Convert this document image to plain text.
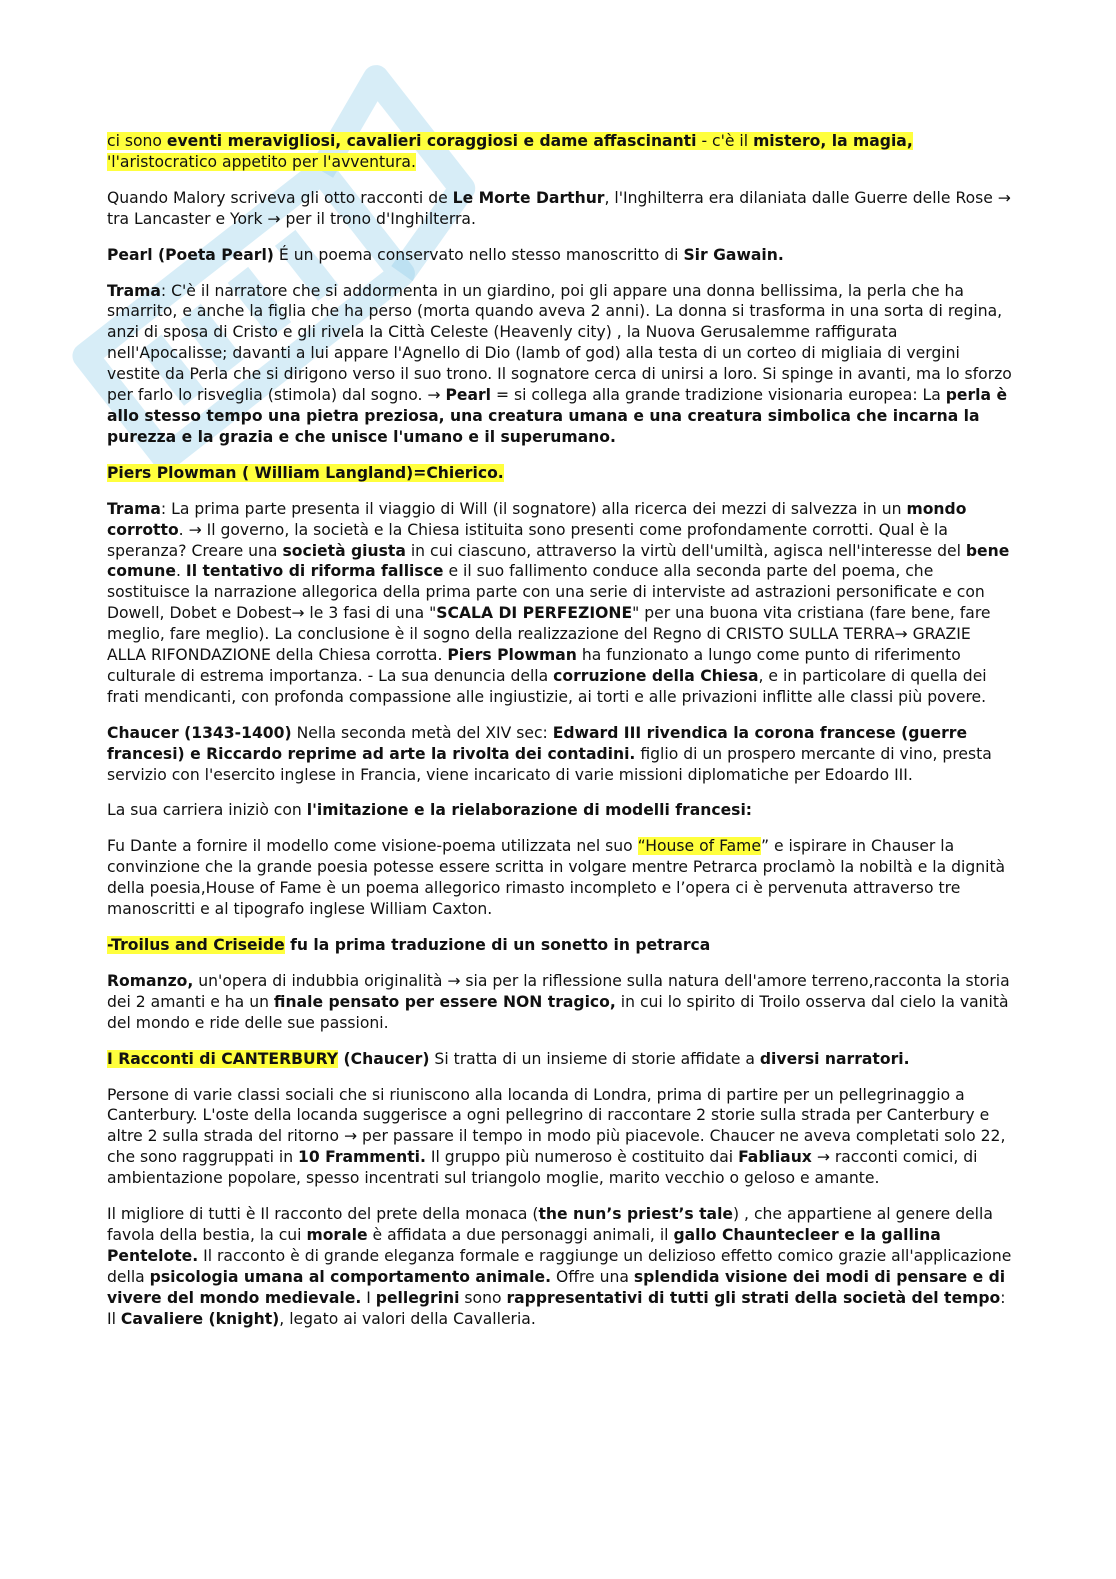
ci sono eventi meravigliosi, cavalieri coraggiosi e dame affascinanti - c'è il mistero, la magia, 'l'aristocratico appetito per l'avventura.

Quando Malory scriveva gli otto racconti de Le Morte Darthur, l'Inghilterra era dilaniata dalle Guerre delle Rose → tra Lancaster e York → per il trono d'Inghilterra.

Pearl (Poeta Pearl) É un poema conservato nello stesso manoscritto di Sir Gawain.

Trama: C'è il narratore che si addormenta in un giardino, poi gli appare una donna bellissima, la perla che ha smarrito, e anche la figlia che ha perso (morta quando aveva 2 anni). La donna si trasforma in una sorta di regina, anzi di sposa di Cristo e gli rivela la Città Celeste (Heavenly city) , la Nuova Gerusalemme raffigurata nell'Apocalisse; davanti a lui appare l'Agnello di Dio (lamb of god) alla testa di un corteo di migliaia di vergini vestite da Perla che si dirigono verso il suo trono. Il sognatore cerca di unirsi a loro. Si spinge in avanti, ma lo sforzo per farlo lo risveglia (stimola) dal sogno. → Pearl = si collega alla grande tradizione visionaria europea: La perla è allo stesso tempo una pietra preziosa, una creatura umana e una creatura simbolica che incarna la purezza e la grazia e che unisce l'umano e il superumano.

Piers Plowman ( William Langland)=Chierico.

Trama: La prima parte presenta il viaggio di Will (il sognatore) alla ricerca dei mezzi di salvezza in un mondo corrotto. → Il governo, la società e la Chiesa istituita sono presenti come profondamente corrotti. Qual è la speranza? Creare una società giusta in cui ciascuno, attraverso la virtù dell'umiltà, agisca nell'interesse del bene comune. Il tentativo di riforma fallisce e il suo fallimento conduce alla seconda parte del poema, che sostituisce la narrazione allegorica della prima parte con una serie di interviste ad astrazioni personificate e con Dowell, Dobet e Dobest→ le 3 fasi di una "SCALA DI PERFEZIONE" per una buona vita cristiana (fare bene, fare meglio, fare meglio). La conclusione è il sogno della realizzazione del Regno di CRISTO SULLA TERRA→ GRAZIE ALLA RIFONDAZIONE della Chiesa corrotta. Piers Plowman ha funzionato a lungo come punto di riferimento culturale di estrema importanza. - La sua denuncia della corruzione della Chiesa, e in particolare di quella dei frati mendicanti, con profonda compassione alle ingiustizie, ai torti e alle privazioni inflitte alle classi più povere.

Chaucer (1343-1400) Nella seconda metà del XIV sec: Edward III rivendica la corona francese (guerre francesi) e Riccardo reprime ad arte la rivolta dei contadini. figlio di un prospero mercante di vino, presta servizio con l'esercito inglese in Francia, viene incaricato di varie missioni diplomatiche per Edoardo III.

La sua carriera iniziò con l'imitazione e la rielaborazione di modelli francesi:

Fu Dante a fornire il modello come visione-poema utilizzata nel suo “House of Fame” e ispirare in Chauser la convinzione che la grande poesia potesse essere scritta in volgare mentre Petrarca proclamò la nobiltà e la dignità della poesia,House of Fame è un poema allegorico rimasto incompleto e l’opera ci è pervenuta attraverso tre manoscritti e al tipografo inglese William Caxton.

-Troilus and Criseide fu la prima traduzione di un sonetto in petrarca

Romanzo, un'opera di indubbia originalità → sia per la riflessione sulla natura dell'amore terreno,racconta la storia dei 2 amanti e ha un finale pensato per essere NON tragico, in cui lo spirito di Troilo osserva dal cielo la vanità del mondo e ride delle sue passioni.

I Racconti di CANTERBURY (Chaucer) Si tratta di un insieme di storie affidate a diversi narratori.

Persone di varie classi sociali che si riuniscono alla locanda di Londra, prima di partire per un pellegrinaggio a Canterbury. L'oste della locanda suggerisce a ogni pellegrino di raccontare 2 storie sulla strada per Canterbury e altre 2 sulla strada del ritorno → per passare il tempo in modo più piacevole. Chaucer ne aveva completati solo 22, che sono raggruppati in 10 Frammenti. Il gruppo più numeroso è costituito dai Fabliaux → racconti comici, di ambientazione popolare, spesso incentrati sul triangolo moglie, marito vecchio o geloso e amante.

Il migliore di tutti è Il racconto del prete della monaca (the nun’s priest’s tale) , che appartiene al genere della favola della bestia, la cui morale è affidata a due personaggi animali, il gallo Chauntecleer e la gallina Pentelote. Il racconto è di grande eleganza formale e raggiunge un delizioso effetto comico grazie all'applicazione della psicologia umana al comportamento animale. Offre una splendida visione dei modi di pensare e di vivere del mondo medievale. I pellegrini sono rappresentativi di tutti gli strati della società del tempo: Il Cavaliere (knight), legato ai valori della Cavalleria.
